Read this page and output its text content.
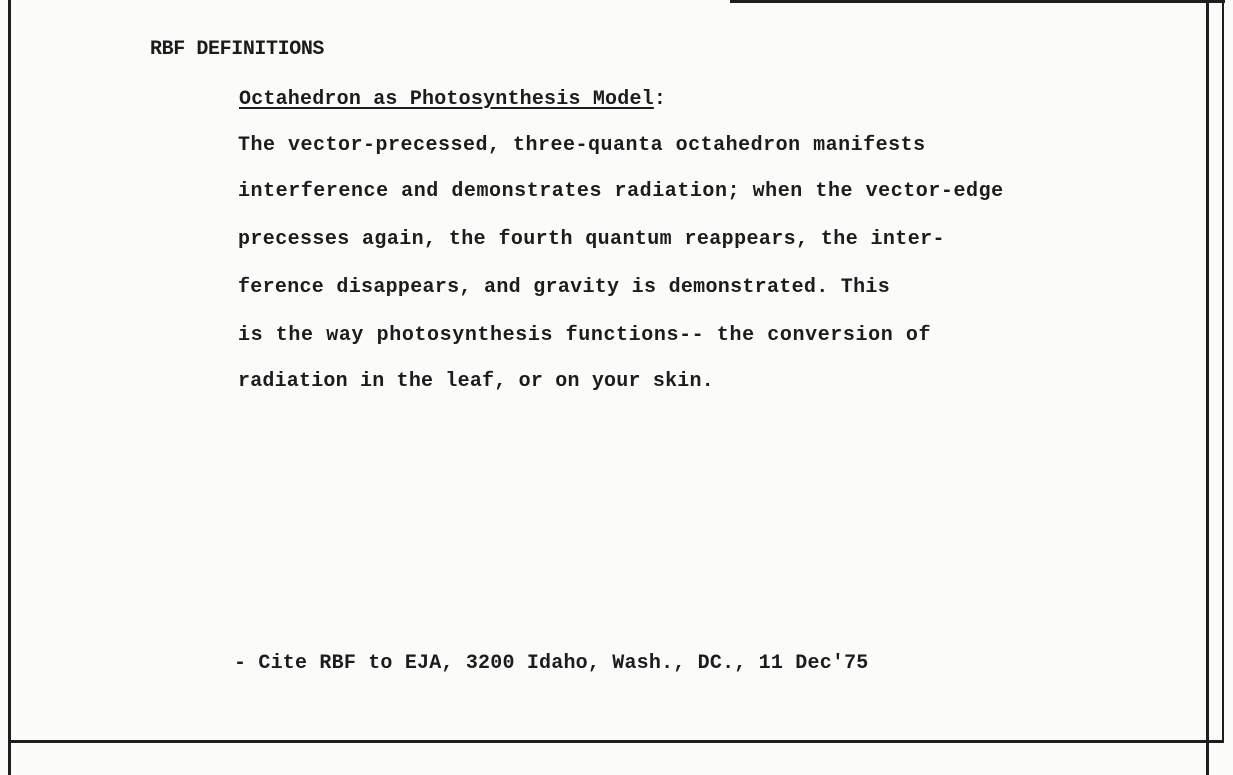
RBF DEFINITIONS
Octahedron as Photosynthesis Model:
The vector-precessed, three-quanta octahedron manifests
interference and demonstrates radiation; when the vector-edge
precesses again, the fourth quantum reappears, the inter-
ference disappears, and gravity is demonstrated. This
is the way photosynthesis functions-- the conversion of
radiation in the leaf, or on your skin.
- Cite RBF to EJA, 3200 Idaho, Wash., DC., 11 Dec'75
